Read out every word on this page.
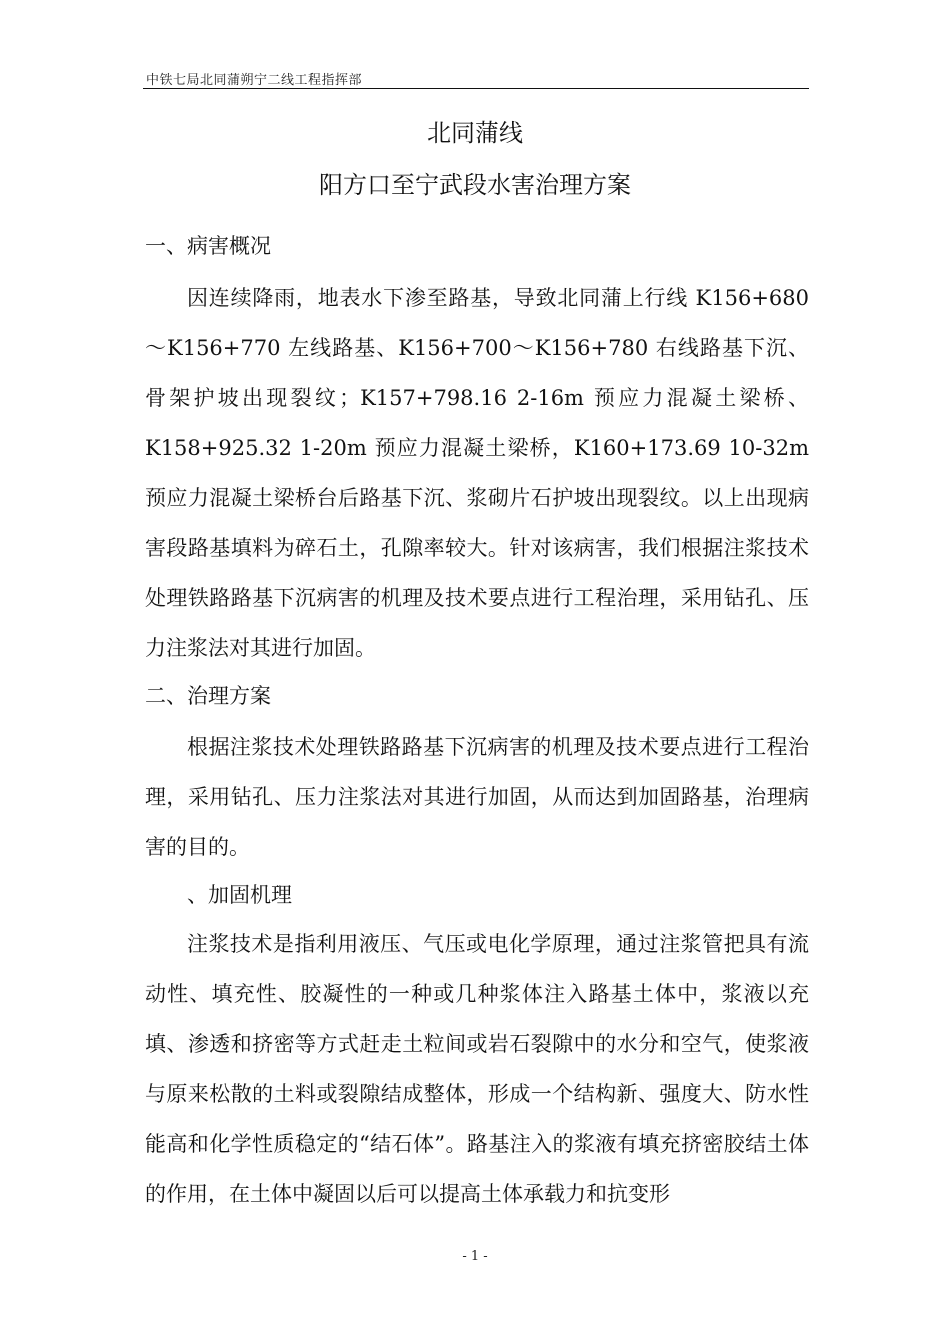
中铁七局北同蒲朔宁二线工程指挥部
北同蒲线
阳方口至宁武段水害治理方案
一、病害概况
因连续降雨，地表水下渗至路基，导致北同蒲上行线 K156+680～K156+770 左线路基、K156+700～K156+780 右线路基下沉、骨架护坡出现裂纹；K157+798.16 2-16m 预应力混凝土梁桥、K158+925.32 1-20m 预应力混凝土梁桥，K160+173.69 10-32m 预应力混凝土梁桥台后路基下沉、浆砌片石护坡出现裂纹。以上出现病害段路基填料为碎石土，孔隙率较大。针对该病害，我们根据注浆技术处理铁路路基下沉病害的机理及技术要点进行工程治理，采用钻孔、压力注浆法对其进行加固。
二、治理方案
根据注浆技术处理铁路路基下沉病害的机理及技术要点进行工程治理，采用钻孔、压力注浆法对其进行加固，从而达到加固路基，治理病害的目的。
、加固机理
注浆技术是指利用液压、气压或电化学原理，通过注浆管把具有流动性、填充性、胶凝性的一种或几种浆体注入路基土体中，浆液以充填、渗透和挤密等方式赶走土粒间或岩石裂隙中的水分和空气，使浆液与原来松散的土料或裂隙结成整体，形成一个结构新、强度大、防水性能高和化学性质稳定的“结石体”。路基注入的浆液有填充挤密胶结土体的作用，在土体中凝固以后可以提高土体承载力和抗变形
- 1 -
